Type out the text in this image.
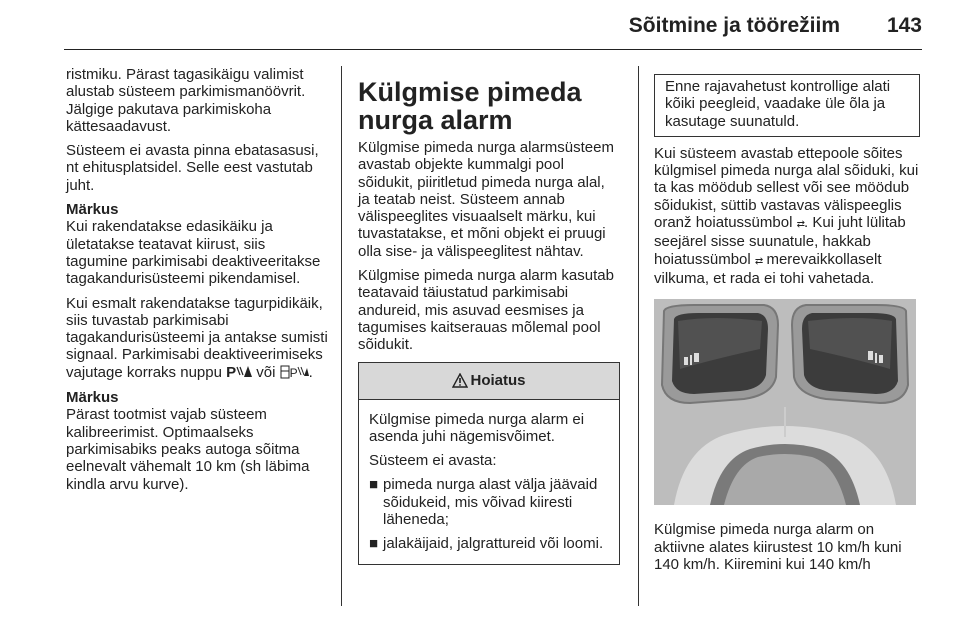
Sõitmine ja töörežiim 143

ristmiku. Pärast tagasikäigu valimist alustab süsteem parkimismanöövrit. Jälgige pakutava parkimiskoha kättesaadavust.

Süsteem ei avasta pinna ebatasasusi, nt ehitusplatsidel. Selle eest vastutab juht.

Märkus

Kui rakendatakse edasikäiku ja ületatakse teatavat kiirust, siis tagumine parkimisabi deaktiveeritakse tagakandurisüsteemi pikendamisel.

Kui esmalt rakendatakse tagurpidikäik, siis tuvastab parkimisabi tagakandurisüsteemi ja antakse sumisti signaal. Parkimisabi deaktiveerimiseks vajutage korraks nuppu P või P .

Märkus

Pärast tootmist vajab süsteem kalibreerimist. Optimaalseks parkimisabiks peaks autoga sõitma eelnevalt vähemalt 10 km (sh läbima kindla arvu kurve).

Külgmise pimeda nurga alarm

Külgmise pimeda nurga alarmsüsteem avastab objekte kummalgi pool sõidukit, piiritletud pimeda nurga alal, ja teatab neist. Süsteem annab välispeeglites visuaalselt märku, kui tuvastatakse, et mõni objekt ei pruugi olla sise- ja välispeeglitest nähtav.

Külgmise pimeda nurga alarm kasutab teatavaid täiustatud parkimisabi andureid, mis asuvad eesmises ja tagumises kaitserauas mõlemal pool sõidukit.

Hoiatus

Külgmise pimeda nurga alarm ei asenda juhi nägemisvõimet.

Süsteem ei avasta:

■ pimeda nurga alast välja jäävaid sõidukeid, mis võivad kiiresti läheneda;
■ jalakäijaid, jalgrattureid või loomi.
Enne rajavahetust kontrollige alati kõiki peegleid, vaadake üle õla ja kasutage suunatuld.

Kui süsteem avastab ettepoole sõites külgmisel pimeda nurga alal sõiduki, kui ta kas möödub sellest või see möödub sõidukist, süttib vastavas välispeeglis oranž hoiatussümbol ⇄. Kui juht lülitab seejärel sisse suunatule, hakkab hoiatussümbol ⇄ merevaikkollaselt vilkuma, et rada ei tohi vahetada.

Külgmise pimeda nurga alarm on aktiivne alates kiirustest 10 km/h kuni 140 km/h. Kiiremini kui 140 km/h
